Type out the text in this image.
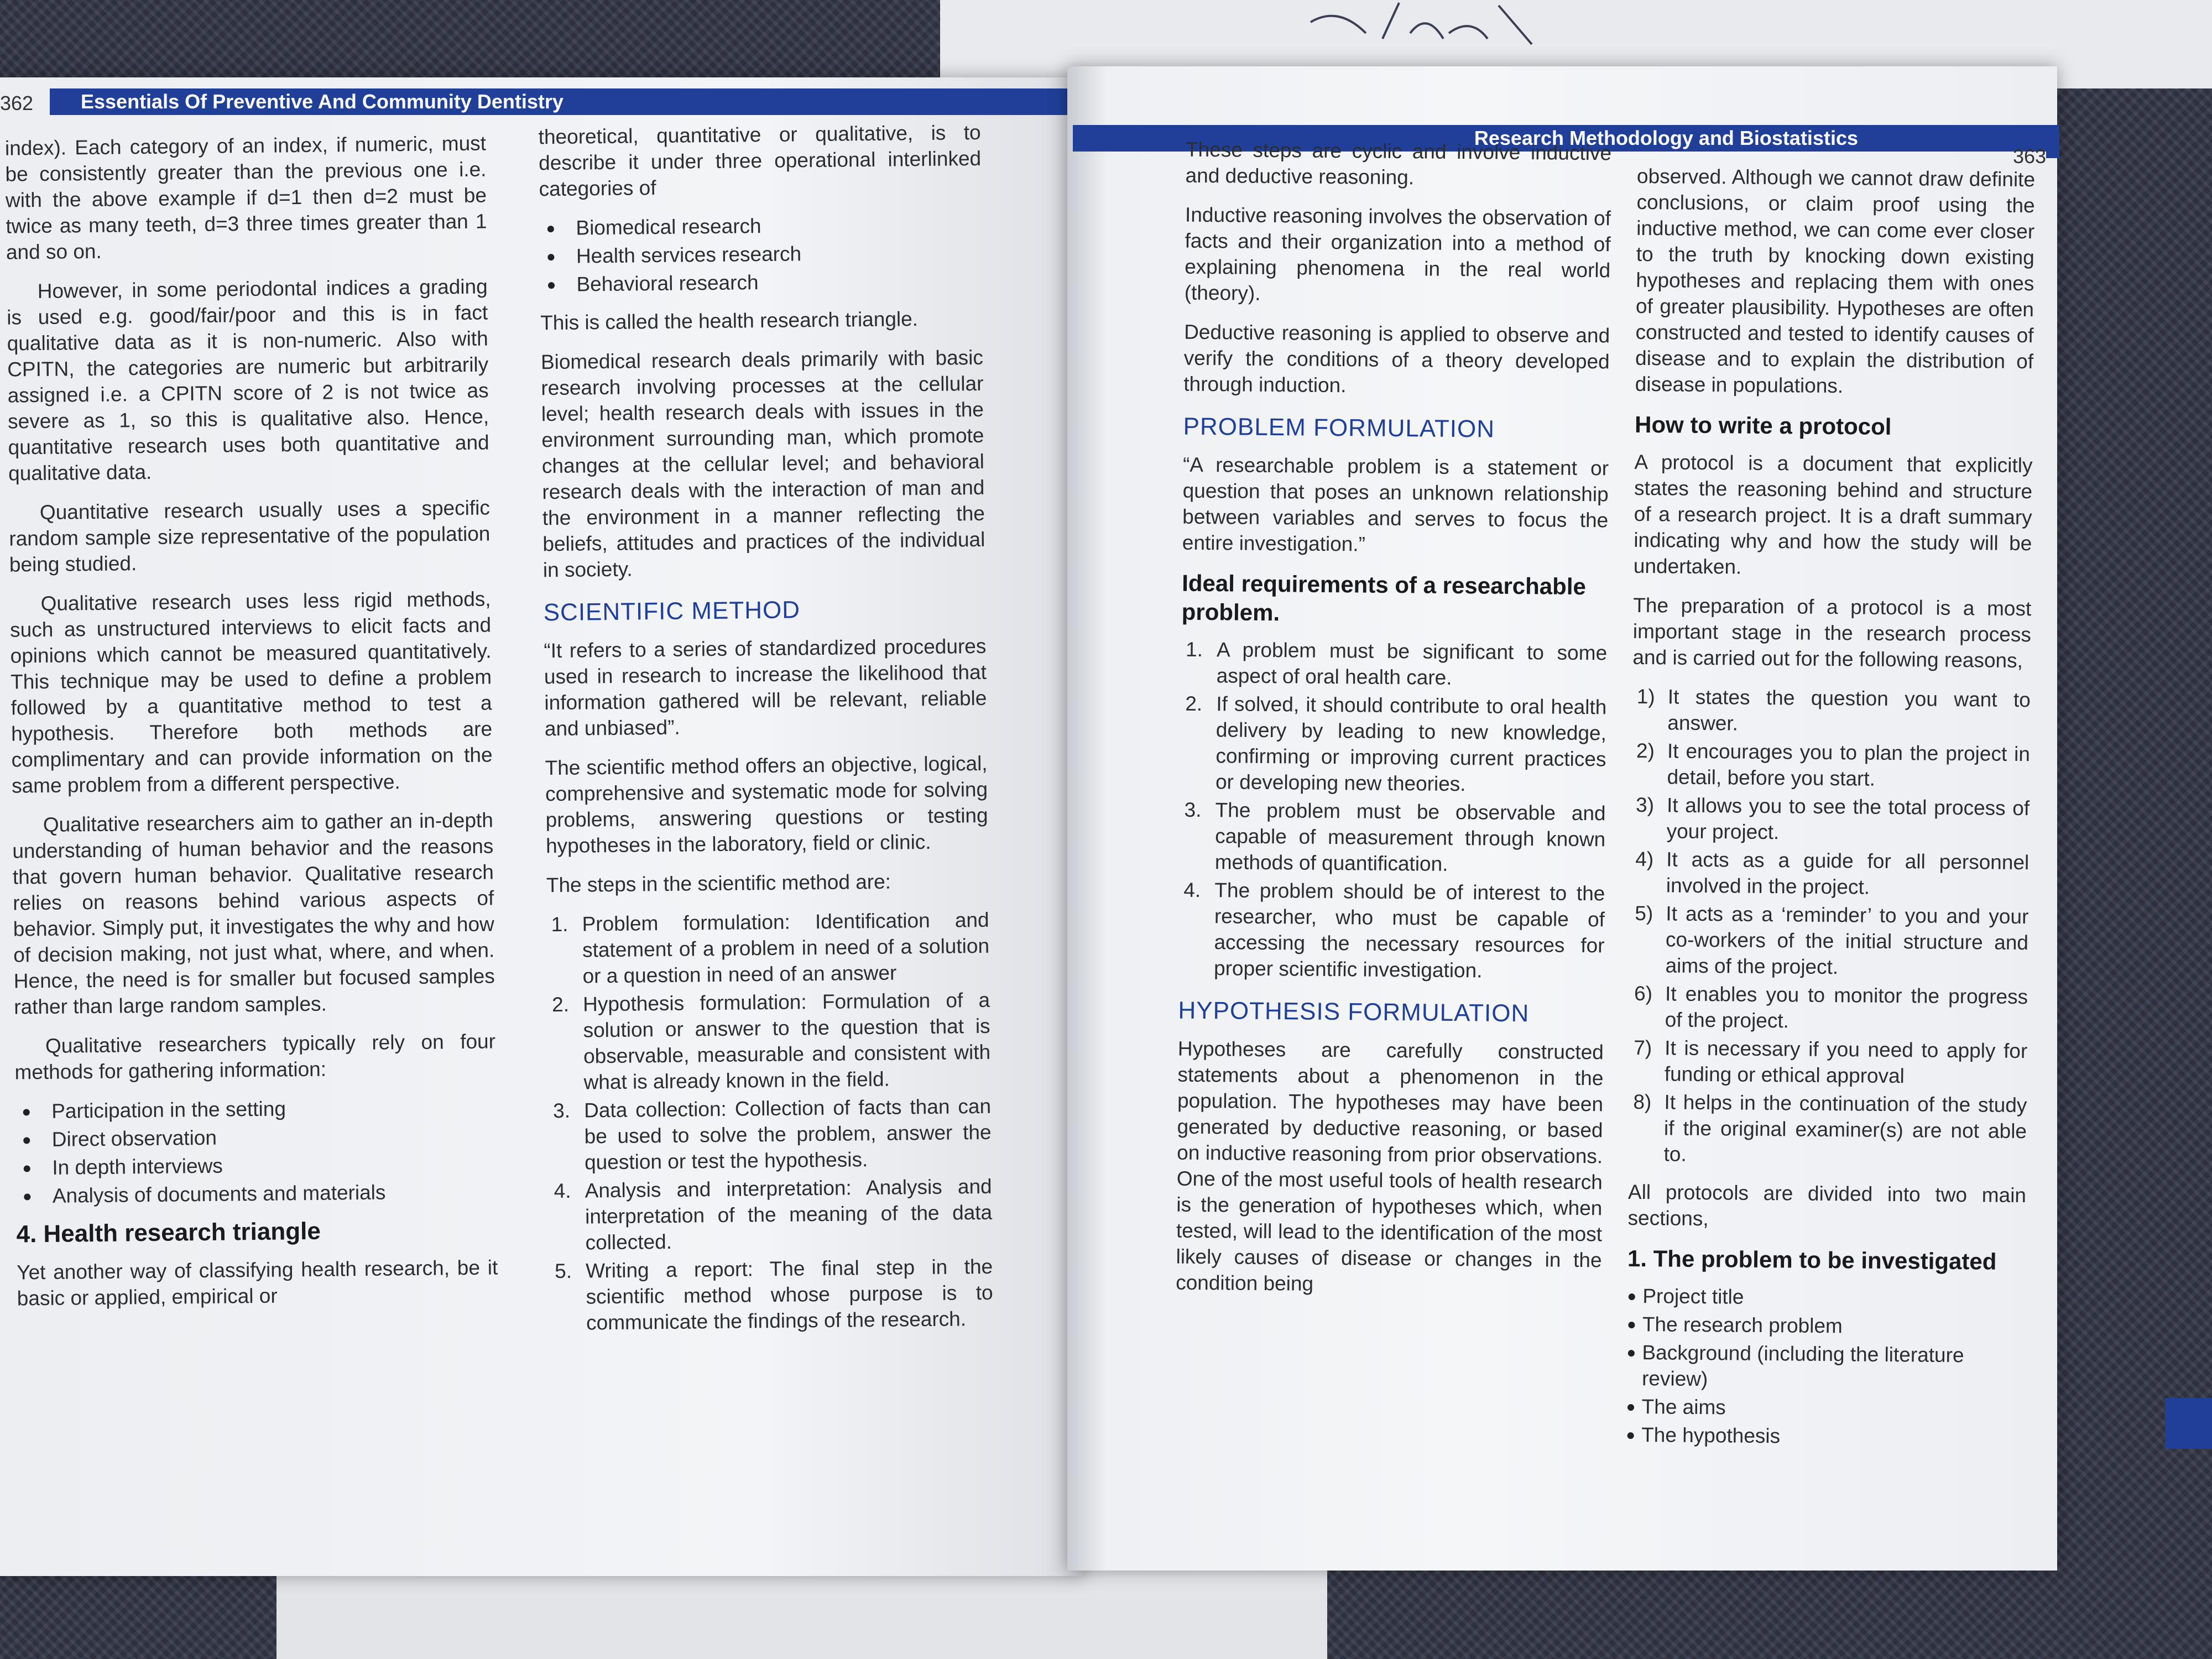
362 Essentials Of Preventive And Community Dentistry

index). Each category of an index, if numeric, must be consistently greater than the previous one i.e. with the above example if d=1 then d=2 must be twice as many teeth, d=3 three times greater than 1 and so on.

However, in some periodontal indices a grading is used e.g. good/fair/poor and this is in fact qualitative data as it is non-numeric. Also with CPITN, the categories are numeric but arbitrarily assigned i.e. a CPITN score of 2 is not twice as severe as 1, so this is qualitative also. Hence, quantitative research uses both quantitative and qualitative data.

Quantitative research usually uses a specific random sample size representative of the population being studied.

Qualitative research uses less rigid methods, such as unstructured interviews to elicit facts and opinions which cannot be measured quantitatively. This technique may be used to define a problem followed by a quantitative method to test a hypothesis. Therefore both methods are complimentary and can provide information on the same problem from a different perspective.

Qualitative researchers aim to gather an in-depth understanding of human behavior and the reasons that govern human behavior. Qualitative research relies on reasons behind various aspects of behavior. Simply put, it investigates the why and how of decision making, not just what, where, and when. Hence, the need is for smaller but focused samples rather than large random samples.

Qualitative researchers typically rely on four methods for gathering information:

● Participation in the setting
● Direct observation
● In depth interviews
● Analysis of documents and materials
4. Health research triangle

Yet another way of classifying health research, be it basic or applied, empirical or

theoretical, quantitative or qualitative, is to describe it under three operational interlinked categories of

● Biomedical research
● Health services research
● Behavioral research

This is called the health research triangle.

Biomedical research deals primarily with basic research involving processes at the cellular level; health research deals with issues in the environment surrounding man, which promote changes at the cellular level; and behavioral research deals with the interaction of man and the environment in a manner reflecting the beliefs, attitudes and practices of the individual in society.

SCIENTIFIC METHOD

“It refers to a series of standardized procedures used in research to increase the likelihood that information gathered will be relevant, reliable and unbiased”.

The scientific method offers an objective, logical, comprehensive and systematic mode for solving problems, answering questions or testing hypotheses in the laboratory, field or clinic.

The steps in the scientific method are:

1. Problem formulation: Identification and statement of a problem in need of a solution or a question in need of an answer
2. Hypothesis formulation: Formulation of a solution or answer to the question that is observable, measurable and consistent with what is already known in the field.
3. Data collection: Collection of facts than can be used to solve the problem, answer the question or test the hypothesis.
4. Analysis and interpretation: Analysis and interpretation of the meaning of the data collected.
5. Writing a report: The final step in the scientific method whose purpose is to communicate the findings of the research.
Research Methodology and Biostatistics
363

These steps are cyclic and involve inductive and deductive reasoning.

Inductive reasoning involves the observation of facts and their organization into a method of explaining phenomena in the real world (theory).

Deductive reasoning is applied to observe and verify the conditions of a theory developed through induction.

PROBLEM FORMULATION

“A researchable problem is a statement or question that poses an unknown relationship between variables and serves to focus the entire investigation.”

Ideal requirements of a researchable problem.
1. A problem must be significant to some aspect of oral health care.
2. If solved, it should contribute to oral health delivery by leading to new knowledge, confirming or improving current practices or developing new theories.
3. The problem must be observable and capable of measurement through known methods of quantification.
4. The problem should be of interest to the researcher, who must be capable of accessing the necessary resources for proper scientific investigation.
HYPOTHESIS FORMULATION

Hypotheses are carefully constructed statements about a phenomenon in the population. The hypotheses may have been generated by deductive reasoning, or based on inductive reasoning from prior observations. One of the most useful tools of health research is the generation of hypotheses which, when tested, will lead to the identification of the most likely causes of disease or changes in the condition being

observed. Although we cannot draw definite conclusions, or claim proof using the inductive method, we can come ever closer to the truth by knocking down existing hypotheses and replacing them with ones of greater plausibility. Hypotheses are often constructed and tested to identify causes of disease and to explain the distribution of disease in populations.

How to write a protocol

A protocol is a document that explicitly states the reasoning behind and structure of a research project. It is a draft summary indicating why and how the study will be undertaken.

The preparation of a protocol is a most important stage in the research process and is carried out for the following reasons,

1) It states the question you want to answer.
2) It encourages you to plan the project in detail, before you start.
3) It allows you to see the total process of your project.
4) It acts as a guide for all personnel involved in the project.
5) It acts as a ‘reminder’ to you and your co-workers of the initial structure and aims of the project.
6) It enables you to monitor the progress of the project.
7) It is necessary if you need to apply for funding or ethical approval
8) It helps in the continuation of the study if the original examiner(s) are not able to.

All protocols are divided into two main sections,

1. The problem to be investigated
● Project title
● The research problem
● Background (including the literature review)
● The aims
● The hypothesis
